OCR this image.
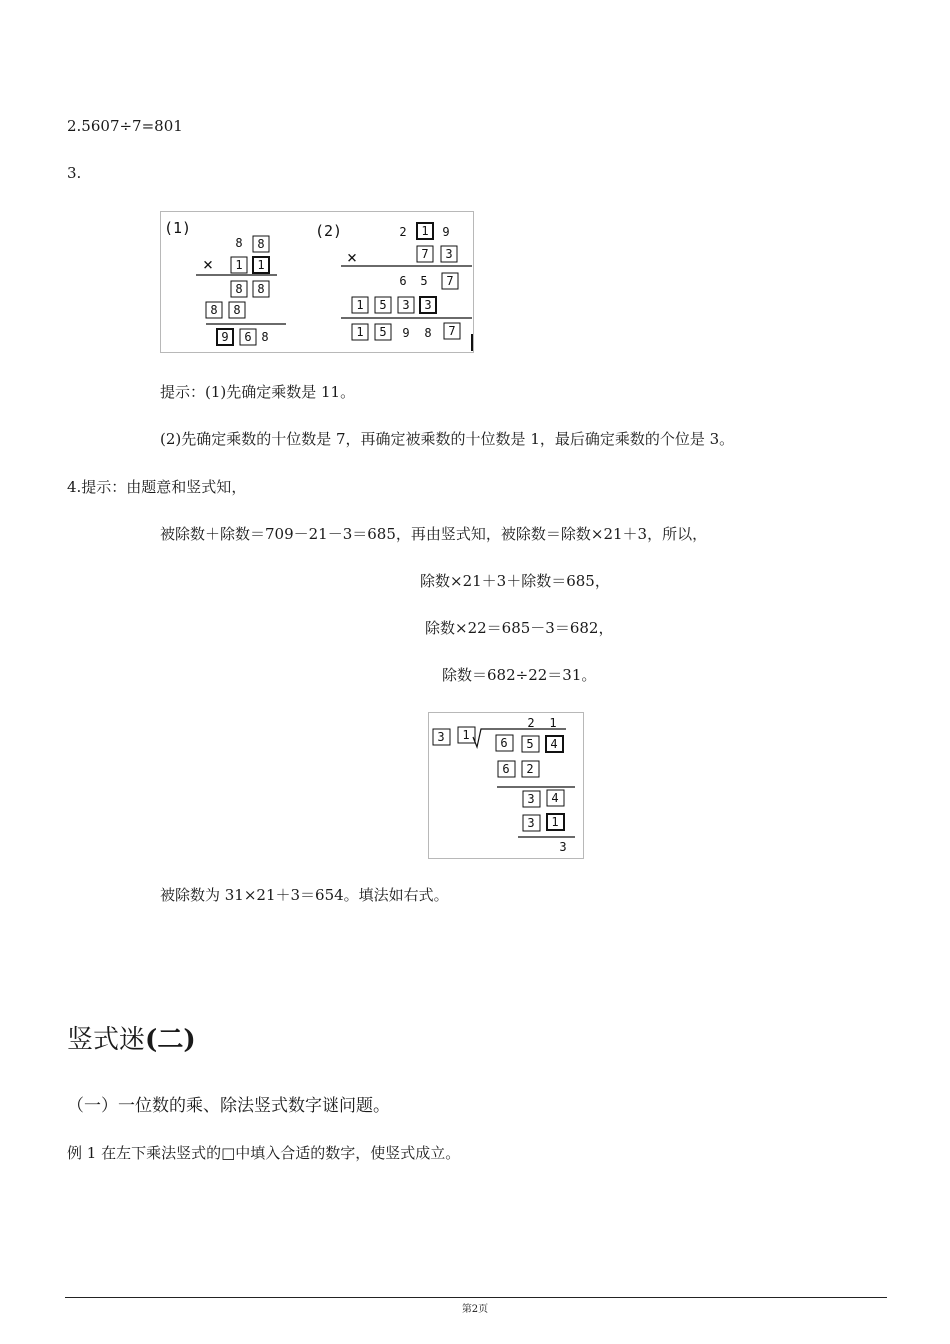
2.5607÷7=801
3.
(1)
8 8
× 1 1
8 8
8 8
9 6 8
(2)	2 1 9
×	7 3
6 5 7
1 5 3 3
1 5 9 8 7
提示：(1)先确定乘数是 11。
(2)先确定乘数的十位数是 7，再确定被乘数的十位数是 1，最后确定乘数的个位是 3。
4.提示：由题意和竖式知，
被除数＋除数＝709－21－3＝685，再由竖式知，被除数＝除数×21＋3，所以，
除数×21＋3＋除数＝685，
除数×22＝685－3＝682，
除数＝682÷22＝31。
2 1
3 1
6 5 4
6 2
3 4
3 1
3
被除数为 31×21＋3＝654。填法如右式。
竖式迷(二)
（一）一位数的乘、除法竖式数字谜问题。
例 1 在左下乘法竖式的□中填入合适的数字，使竖式成立。
第2页
